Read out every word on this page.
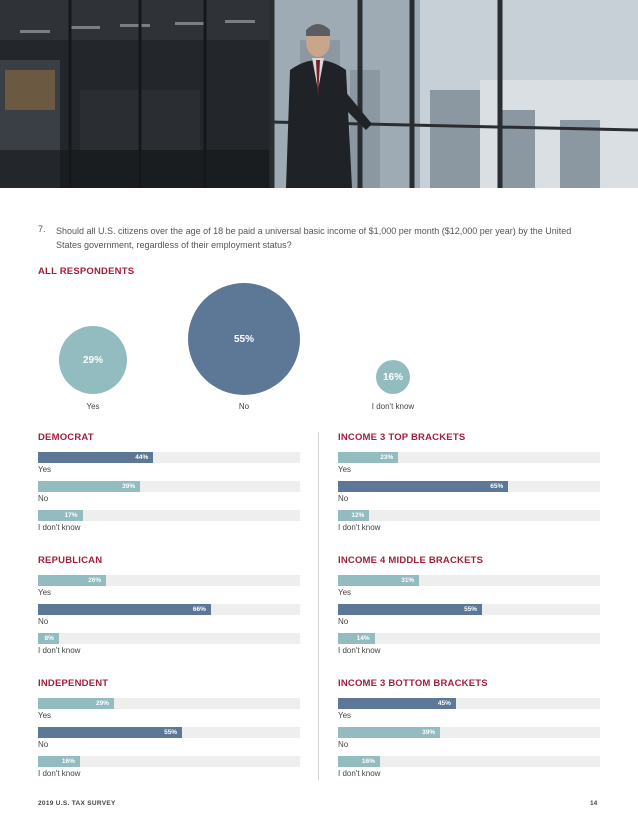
7. Should all U.S. citizens over the age of 18 be paid a universal basic income of $1,000 per month ($12,000 per year) by the United States government, regardless of their employment status?
ALL RESPONDENTS
29%
55%
16%
Yes	No	I don't know
DEMOCRAT
44%
Yes
39%
No
17%
I don't know
INCOME 3 TOP BRACKETS
23%
Yes
65%
No
12%
I don't know
REPUBLICAN
26%
Yes
66%
No
8%
I don't know
INCOME 4 MIDDLE BRACKETS
31%
Yes
55%
No
14%
I don't know
INDEPENDENT
29%
Yes
55%
No
16%
I don't know
INCOME 3 BOTTOM BRACKETS
45%
Yes
39%
No
16%
I don't know
2019 U.S. TAX SURVEY	14
